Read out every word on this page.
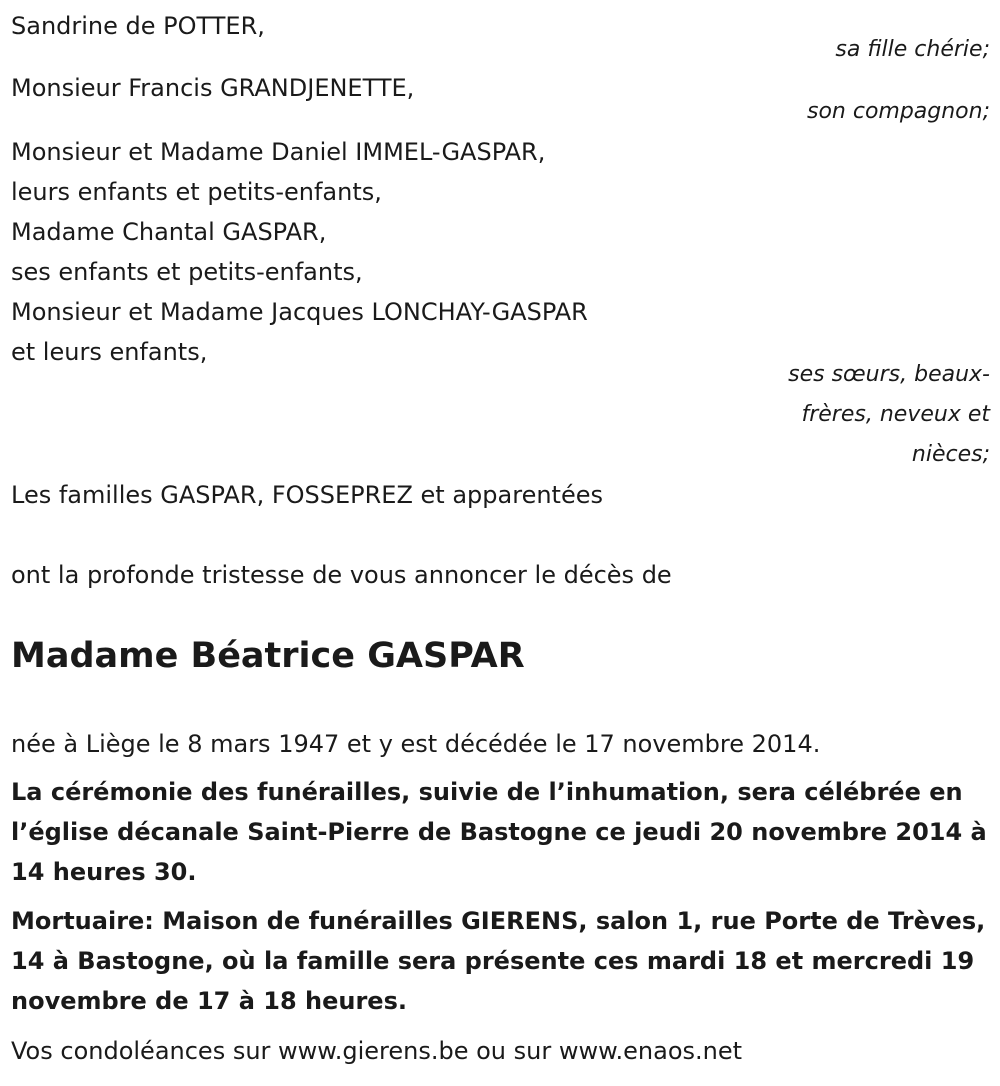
Sandrine de POTTER,
sa fille chérie;
Monsieur Francis GRANDJENETTE,
son compagnon;
Monsieur et Madame Daniel IMMEL-GASPAR,
leurs enfants et petits-enfants,
Madame Chantal GASPAR,
ses enfants et petits-enfants,
Monsieur et Madame Jacques LONCHAY-GASPAR
et leurs enfants,
ses sœurs, beaux-
frères, neveux et
nièces;
Les familles GASPAR, FOSSEPREZ et apparentées
ont la profonde tristesse de vous annoncer le décès de
Madame Béatrice GASPAR
née à Liège le 8 mars 1947 et y est décédée le 17 novembre 2014.
La cérémonie des funérailles, suivie de l’inhumation, sera célébrée en l’église décanale Saint-Pierre de Bastogne ce jeudi 20 novembre 2014 à 14 heures 30.
Mortuaire: Maison de funérailles GIERENS, salon 1, rue Porte de Trèves, 14 à Bastogne, où la famille sera présente ces mardi 18 et mercredi 19 novembre de 17 à 18 heures.
Vos condoléances sur www.gierens.be ou sur www.enaos.net
